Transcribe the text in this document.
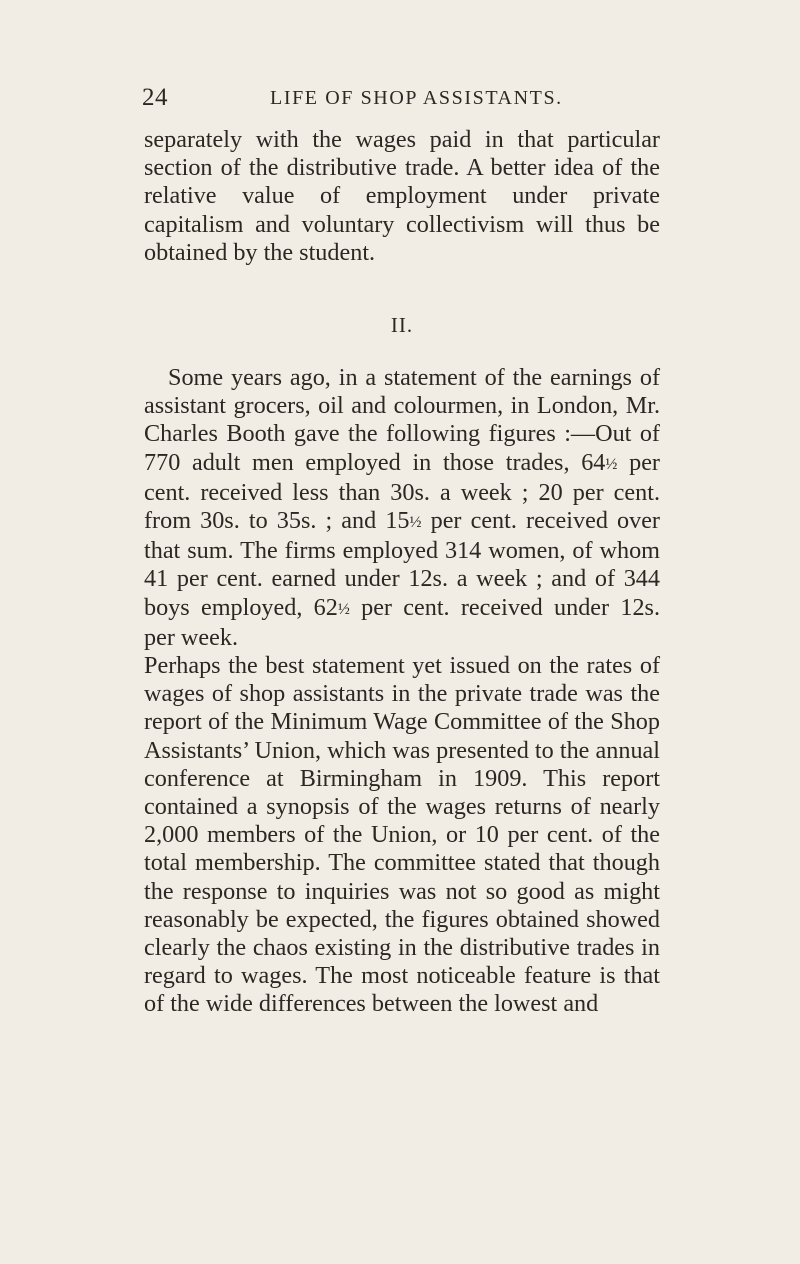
24	LIFE OF SHOP ASSISTANTS.

separately with the wages paid in that particular section of the distributive trade. A better idea of the relative value of employment under private capitalism and voluntary collectivism will thus be obtained by the student.

II.

Some years ago, in a statement of the earnings of assistant grocers, oil and colourmen, in London, Mr. Charles Booth gave the following figures :—Out of 770 adult men employed in those trades, 64½ per cent. received less than 30s. a week ; 20 per cent. from 30s. to 35s. ; and 15½ per cent. received over that sum. The firms employed 314 women, of whom 41 per cent. earned under 12s. a week ; and of 344 boys employed, 62½ per cent. received under 12s. per week.

Perhaps the best statement yet issued on the rates of wages of shop assistants in the private trade was the report of the Minimum Wage Committee of the Shop Assistants’ Union, which was presented to the annual conference at Birmingham in 1909. This report contained a synopsis of the wages returns of nearly 2,000 members of the Union, or 10 per cent. of the total membership. The committee stated that though the response to inquiries was not so good as might reasonably be expected, the figures obtained showed clearly the chaos existing in the distributive trades in regard to wages. The most noticeable feature is that of the wide differences between the lowest and
